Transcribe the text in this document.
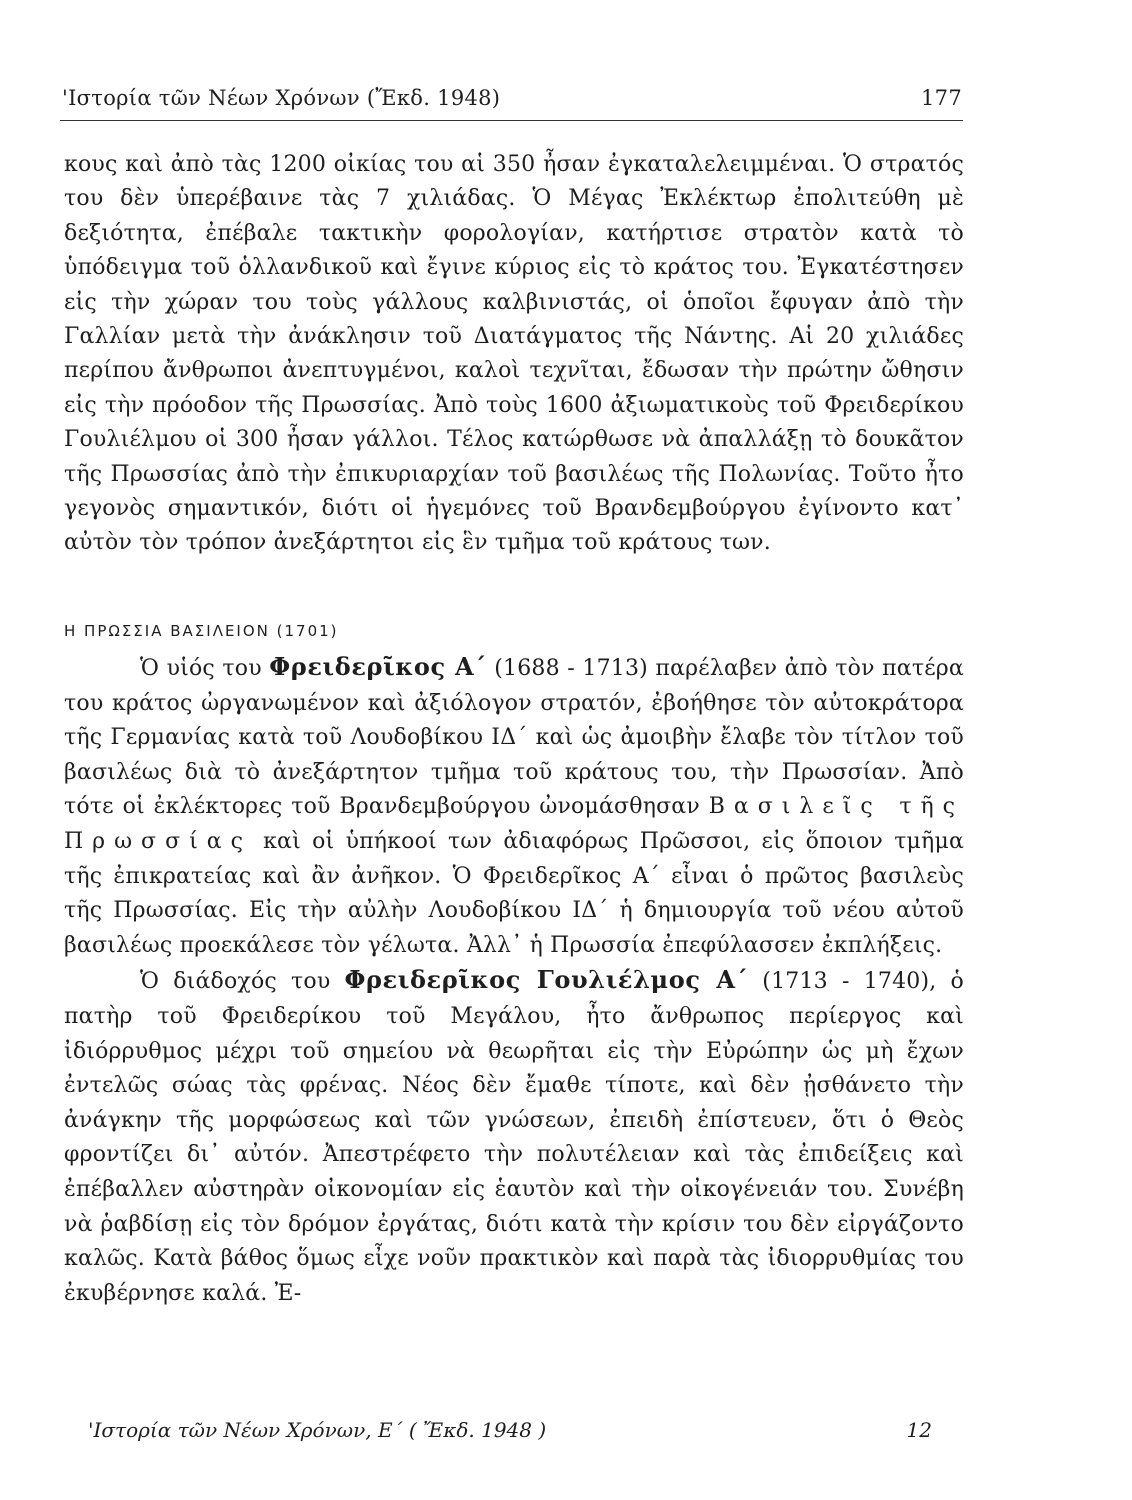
'Ιστορία τῶν Νέων Χρόνων (Ἔκδ. 1948)	177

κους καὶ ἀπὸ τὰς 1200 οἰκίας του αἱ 350 ἦσαν ἐγκαταλελειμμέναι. Ὁ στρατός του δὲν ὑπερέβαινε τὰς 7 χιλιάδας. Ὁ Μέγας Ἐκλέκτωρ ἐπολιτεύθη μὲ δεξιότητα, ἐπέβαλε τακτικὴν φορολογίαν, κατήρτισε στρατὸν κατὰ τὸ ὑπόδειγμα τοῦ ὁλλανδικοῦ καὶ ἔγινε κύριος εἰς τὸ κράτος του. Ἐγκατέστησεν εἰς τὴν χώραν του τοὺς γάλλους καλβινιστάς, οἱ ὁποῖοι ἔφυγαν ἀπὸ τὴν Γαλλίαν μετὰ τὴν ἀνάκλησιν τοῦ Διατάγματος τῆς Νάντης. Αἱ 20 χιλιάδες περίπου ἄνθρωποι ἀνεπτυγμένοι, καλοὶ τεχνῖται, ἔδωσαν τὴν πρώτην ὤθησιν εἰς τὴν πρόοδον τῆς Πρωσσίας. Ἀπὸ τοὺς 1600 ἀξιωματικοὺς τοῦ Φρειδερίκου Γουλιέλμου οἱ 300 ἦσαν γάλλοι. Τέλος κατώρθωσε νὰ ἀπαλλάξῃ τὸ δουκᾶτον τῆς Πρωσσίας ἀπὸ τὴν ἐπικυριαρχίαν τοῦ βασιλέως τῆς Πολωνίας. Τοῦτο ἦτο γεγονὸς σημαντικόν, διότι οἱ ἡγεμόνες τοῦ Βρανδεμβούργου ἐγίνοντο κατ᾽ αὐτὸν τὸν τρόπον ἀνεξάρτητοι εἰς ἓν τμῆμα τοῦ κράτους των.

Η ΠΡΩΣΣΙΑ ΒΑΣΙΛΕΙΟΝ (1701)

Ὁ υἱός του Φρειδερῖκος Α΄ (1688 - 1713) παρέλαβεν ἀπὸ τὸν πατέρα του κράτος ὠργανωμένον καὶ ἀξιόλογον στρατόν, ἐβοήθησε τὸν αὐτοκράτορα τῆς Γερμανίας κατὰ τοῦ Λουδοβίκου ΙΔ΄ καὶ ὡς ἀμοιβὴν ἔλαβε τὸν τίτλον τοῦ βασιλέως διὰ τὸ ἀνεξάρτητον τμῆμα τοῦ κράτους του, τὴν Πρωσσίαν. Ἀπὸ τότε οἱ ἐκλέκτορες τοῦ Βρανδεμβούργου ὠνομάσθησαν Βασιλεῖς τῆς Πρωσσίας καὶ οἱ ὑπήκοοί των ἀδιαφόρως Πρῶσσοι, εἰς ὅποιον τμῆμα τῆς ἐπικρατείας καὶ ἂν ἀνῆκον. Ὁ Φρειδερῖκος Α΄ εἶναι ὁ πρῶτος βασιλεὺς τῆς Πρωσσίας. Εἰς τὴν αὐλὴν Λουδοβίκου ΙΔ΄ ἡ δημιουργία τοῦ νέου αὐτοῦ βασιλέως προεκάλεσε τὸν γέλωτα. Ἀλλ᾽ ἡ Πρωσσία ἐπεφύλασσεν ἐκπλήξεις.

Ὁ διάδοχός του Φρειδερῖκος Γουλιέλμος Α΄ (1713 - 1740), ὁ πατὴρ τοῦ Φρειδερίκου τοῦ Μεγάλου, ἦτο ἄνθρωπος περίεργος καὶ ἰδιόρρυθμος μέχρι τοῦ σημείου νὰ θεωρῆται εἰς τὴν Εὐρώπην ὡς μὴ ἔχων ἐντελῶς σώας τὰς φρένας. Νέος δὲν ἔμαθε τίποτε, καὶ δὲν ᾐσθάνετο τὴν ἀνάγκην τῆς μορφώσεως καὶ τῶν γνώσεων, ἐπειδὴ ἐπίστευεν, ὅτι ὁ Θεὸς φροντίζει δι᾽ αὐτόν. Ἀπεστρέφετο τὴν πολυτέλειαν καὶ τὰς ἐπιδείξεις καὶ ἐπέβαλλεν αὐστηρὰν οἰκονομίαν εἰς ἑαυτὸν καὶ τὴν οἰκογένειάν του. Συνέβη νὰ ῥαβδίσῃ εἰς τὸν δρόμον ἐργάτας, διότι κατὰ τὴν κρίσιν του δὲν εἰργάζοντο καλῶς. Κατὰ βάθος ὅμως εἶχε νοῦν πρακτικὸν καὶ παρὰ τὰς ἰδιορρυθμίας του ἐκυβέρνησε καλά. Ἐ-

'Ιστορία τῶν Νέων Χρόνων, Ε΄ ( Ἔκδ. 1948 )	12
